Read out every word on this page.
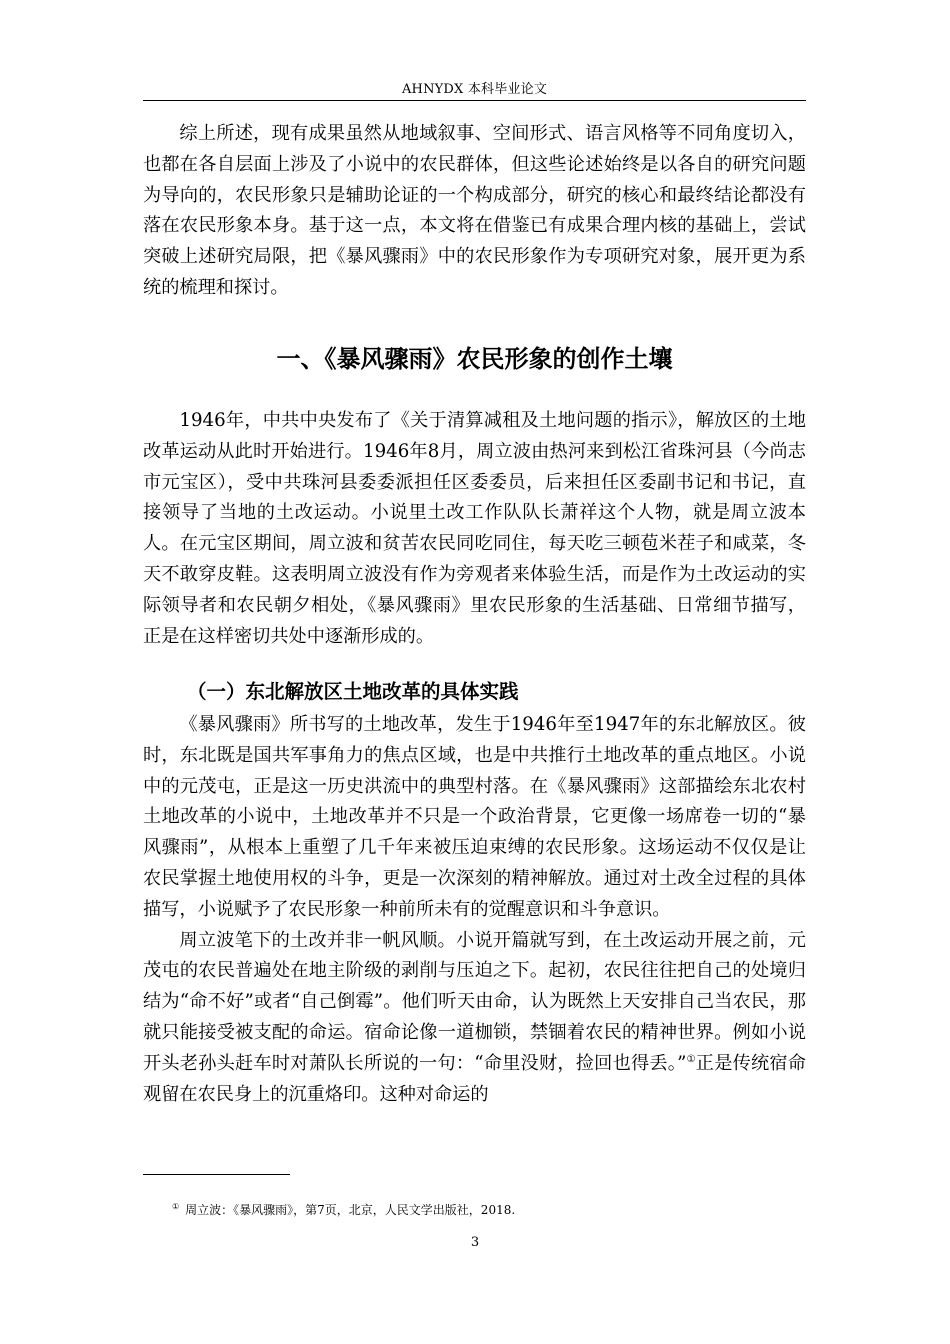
AHNYDX 本科毕业论文

综上所述，现有成果虽然从地域叙事、空间形式、语言风格等不同角度切入，也都在各自层面上涉及了小说中的农民群体，但这些论述始终是以各自的研究问题为导向的，农民形象只是辅助论证的一个构成部分，研究的核心和最终结论都没有落在农民形象本身。基于这一点，本文将在借鉴已有成果合理内核的基础上，尝试突破上述研究局限，把《暴风骤雨》中的农民形象作为专项研究对象，展开更为系统的梳理和探讨。

一、《暴风骤雨》农民形象的创作土壤

1946年，中共中央发布了《关于清算减租及土地问题的指示》，解放区的土地改革运动从此时开始进行。1946年8月，周立波由热河来到松江省珠河县（今尚志市元宝区），受中共珠河县委委派担任区委委员，后来担任区委副书记和书记，直接领导了当地的土改运动。小说里土改工作队队长萧祥这个人物，就是周立波本人。在元宝区期间，周立波和贫苦农民同吃同住，每天吃三顿苞米茬子和咸菜，冬天不敢穿皮鞋。这表明周立波没有作为旁观者来体验生活，而是作为土改运动的实际领导者和农民朝夕相处，《暴风骤雨》里农民形象的生活基础、日常细节描写，正是在这样密切共处中逐渐形成的。

（一）东北解放区土地改革的具体实践

《暴风骤雨》所书写的土地改革，发生于1946年至1947年的东北解放区。彼时，东北既是国共军事角力的焦点区域，也是中共推行土地改革的重点地区。小说中的元茂屯，正是这一历史洪流中的典型村落。在《暴风骤雨》这部描绘东北农村土地改革的小说中，土地改革并不只是一个政治背景，它更像一场席卷一切的“暴风骤雨”，从根本上重塑了几千年来被压迫束缚的农民形象。这场运动不仅仅是让农民掌握土地使用权的斗争，更是一次深刻的精神解放。通过对土改全过程的具体描写，小说赋予了农民形象一种前所未有的觉醒意识和斗争意识。

周立波笔下的土改并非一帆风顺。小说开篇就写到，在土改运动开展之前，元茂屯的农民普遍处在地主阶级的剥削与压迫之下。起初，农民往往把自己的处境归结为“命不好”或者“自己倒霉”。他们听天由命，认为既然上天安排自己当农民，那就只能接受被支配的命运。宿命论像一道枷锁，禁锢着农民的精神世界。例如小说开头老孙头赶车时对萧队长所说的一句：“命里没财，捡回也得丢。”①正是传统宿命观留在农民身上的沉重烙印。这种对命运的

① 周立波：《暴风骤雨》，第7页，北京，人民文学出版社，2018.
3
